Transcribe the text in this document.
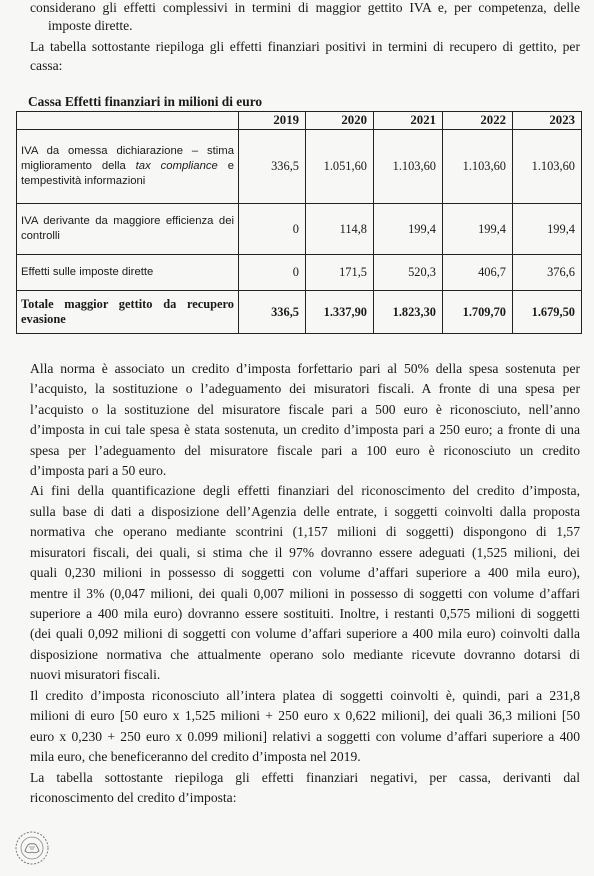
considerano gli effetti complessivi in termini di maggior gettito IVA e, per competenza, delle
imposte dirette.
La tabella sottostante riepiloga gli effetti finanziari positivi in termini di recupero di gettito, per
cassa:
Cassa Effetti finanziari in milioni di euro
	2019	2020	2021	2022	2023
IVA da omessa dichiarazione – stima miglioramento della tax compliance e tempestività informazioni	336,5	1.051,60	1.103,60	1.103,60	1.103,60
IVA derivante da maggiore efficienza dei controlli	0	114,8	199,4	199,4	199,4
Effetti sulle imposte dirette	0	171,5	520,3	406,7	376,6
Totale maggior gettito da recupero evasione	336,5	1.337,90	1.823,30	1.709,70	1.679,50
Alla norma è associato un credito d’imposta forfettario pari al 50% della spesa sostenuta per
l’acquisto, la sostituzione o l’adeguamento dei misuratori fiscali. A fronte di una spesa per
l’acquisto o la sostituzione del misuratore fiscale pari a 500 euro è riconosciuto, nell’anno
d’imposta in cui tale spesa è stata sostenuta, un credito d’imposta pari a 250 euro; a fronte di una
spesa per l’adeguamento del misuratore fiscale pari a 100 euro è riconosciuto un credito
d’imposta pari a 50 euro.
Ai fini della quantificazione degli effetti finanziari del riconoscimento del credito d’imposta,
sulla base di dati a disposizione dell’Agenzia delle entrate, i soggetti coinvolti dalla proposta
normativa che operano mediante scontrini (1,157 milioni di soggetti) dispongono di 1,57
misuratori fiscali, dei quali, si stima che il 97% dovranno essere adeguati (1,525 milioni, dei
quali 0,230 milioni in possesso di soggetti con volume d’affari superiore a 400 mila euro),
mentre il 3% (0,047 milioni, dei quali 0,007 milioni in possesso di soggetti con volume d’affari
superiore a 400 mila euro) dovranno essere sostituiti. Inoltre, i restanti 0,575 milioni di soggetti
(dei quali 0,092 milioni di soggetti con volume d’affari superiore a 400 mila euro) coinvolti dalla
disposizione normativa che attualmente operano solo mediante ricevute dovranno dotarsi di
nuovi misuratori fiscali.
Il credito d’imposta riconosciuto all’intera platea di soggetti coinvolti è, quindi, pari a 231,8
milioni di euro [50 euro x 1,525 milioni + 250 euro x 0,622 milioni], dei quali 36,3 milioni [50
euro x 0,230 + 250 euro x 0.099 milioni] relativi a soggetti con volume d’affari superiore a 400
mila euro, che beneficeranno del credito d’imposta nel 2019.
La tabella sottostante riepiloga gli effetti finanziari negativi, per cassa, derivanti dal
riconoscimento del credito d’imposta:
